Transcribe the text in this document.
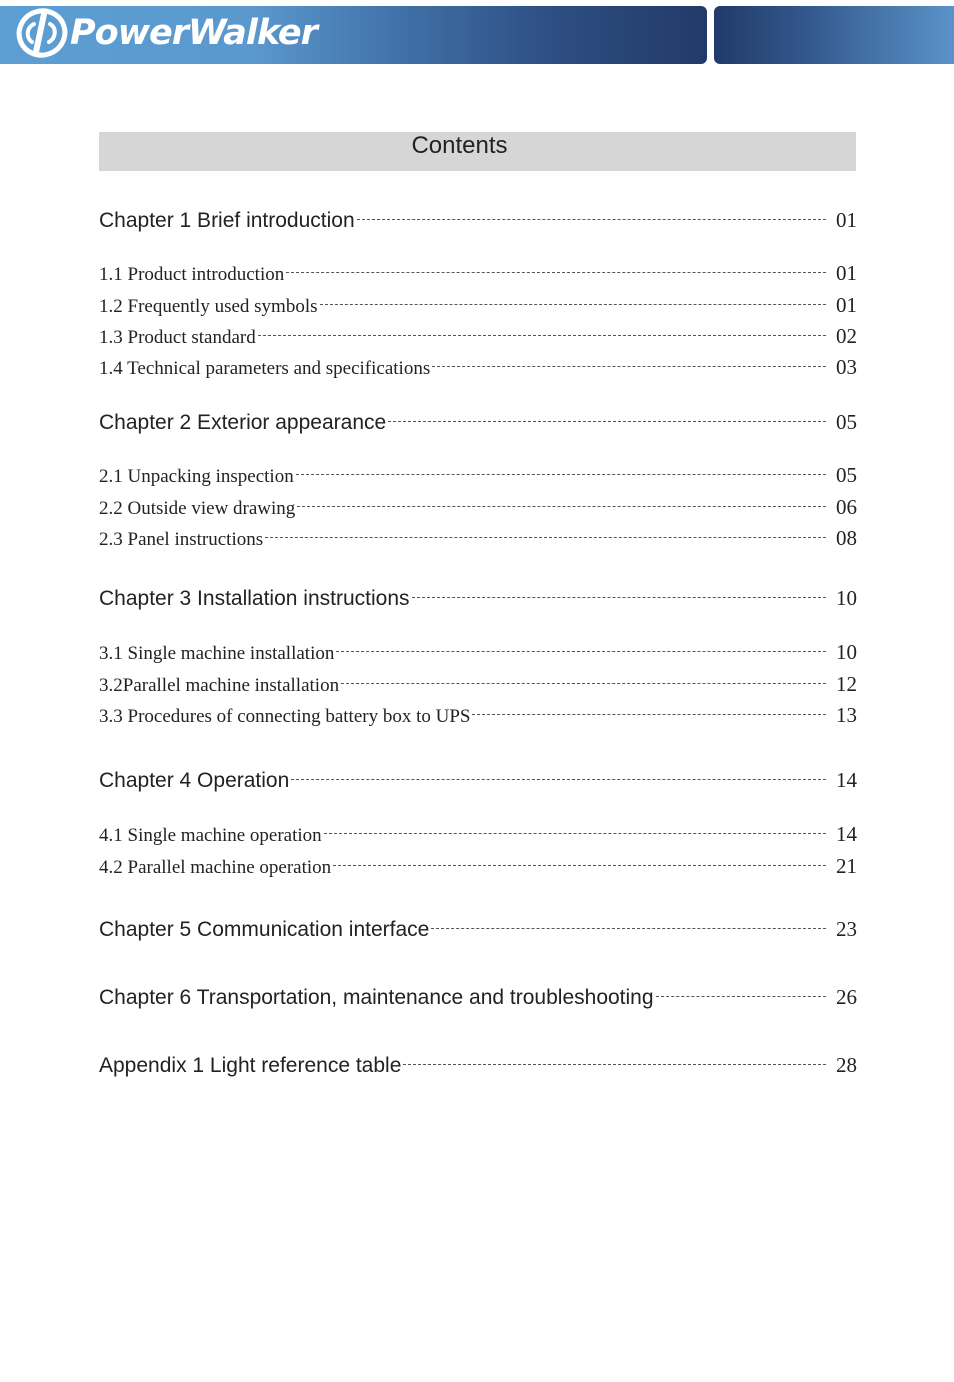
PowerWalker
Contents
Chapter 1 Brief introduction	01
1.1 Product introduction	01
1.2 Frequently used symbols	01
1.3 Product standard	02
1.4 Technical parameters and specifications	03
Chapter 2 Exterior appearance	05
2.1 Unpacking inspection	05
2.2 Outside view drawing	06
2.3 Panel instructions	08
Chapter 3 Installation instructions	10
3.1 Single machine installation	10
3.2Parallel machine installation	12
3.3 Procedures of connecting battery box to UPS	13
Chapter 4 Operation	14
4.1 Single machine operation	14
4.2 Parallel machine operation	21
Chapter 5 Communication interface	23
Chapter 6 Transportation, maintenance and troubleshooting	26
Appendix 1 Light reference table	28
